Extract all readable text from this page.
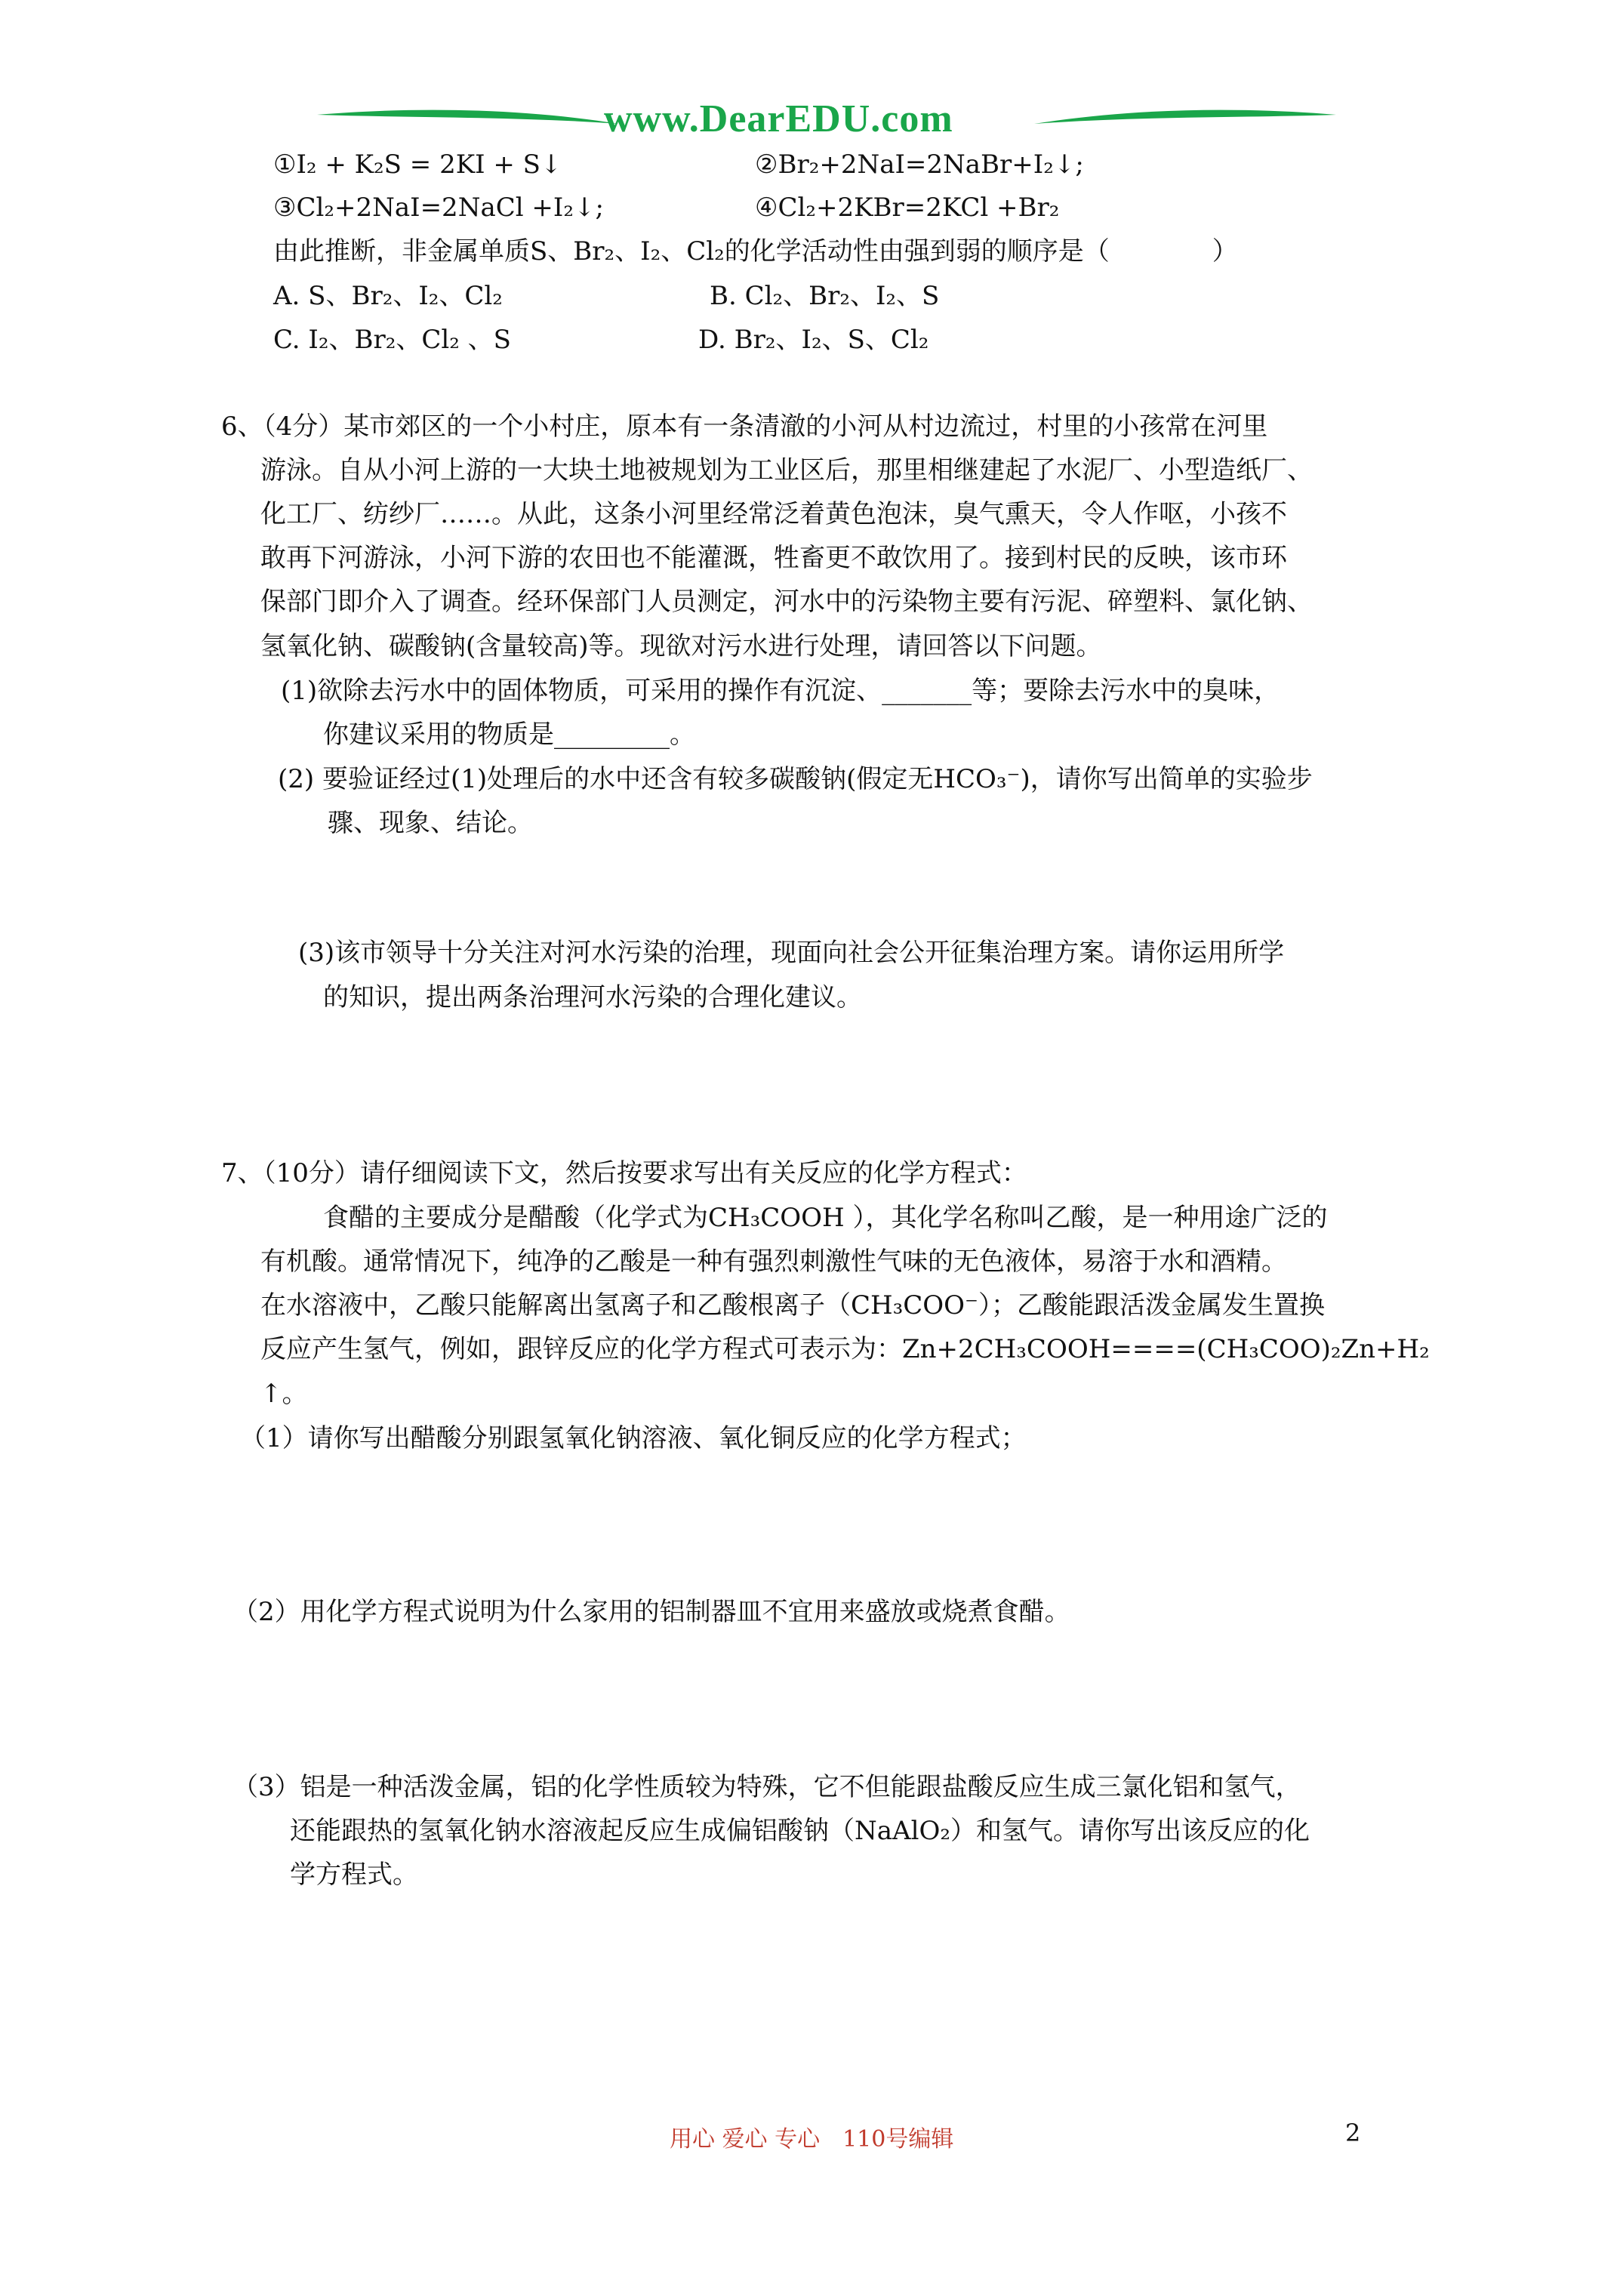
www.DearEDU.com
①I₂ + K₂S = 2KI + S↓	②Br₂+2NaI=2NaBr+I₂↓;
③Cl₂+2NaI=2NaCl +I₂↓;	④Cl₂+2KBr=2KCl +Br₂
由此推断，非金属单质S、Br₂、I₂、Cl₂的化学活动性由强到弱的顺序是（　　　　）
A. S、Br₂、I₂、Cl₂	B. Cl₂、Br₂、I₂、S
C. I₂、Br₂、Cl₂ 、S	D. Br₂、I₂、S、Cl₂
6、（4分）某市郊区的一个小村庄，原本有一条清澈的小河从村边流过，村里的小孩常在河里
游泳。自从小河上游的一大块土地被规划为工业区后，那里相继建起了水泥厂、小型造纸厂、
化工厂、纺纱厂……。从此，这条小河里经常泛着黄色泡沫，臭气熏天，令人作呕，小孩不
敢再下河游泳，小河下游的农田也不能灌溉，牲畜更不敢饮用了。接到村民的反映，该市环
保部门即介入了调查。经环保部门人员测定，河水中的污染物主要有污泥、碎塑料、氯化钠、
氢氧化钠、碳酸钠(含量较高)等。现欲对污水进行处理，请回答以下问题。
(1)欲除去污水中的固体物质，可采用的操作有沉淀、_______等；要除去污水中的臭味，
你建议采用的物质是_________。
(2) 要验证经过(1)处理后的水中还含有较多碳酸钠(假定无HCO₃⁻)，请你写出简单的实验步
骤、现象、结论。
(3)该市领导十分关注对河水污染的治理，现面向社会公开征集治理方案。请你运用所学
的知识，提出两条治理河水污染的合理化建议。
7、（10分）请仔细阅读下文，然后按要求写出有关反应的化学方程式：
食醋的主要成分是醋酸（化学式为CH₃COOH ），其化学名称叫乙酸，是一种用途广泛的
有机酸。通常情况下，纯净的乙酸是一种有强烈刺激性气味的无色液体，易溶于水和酒精。
在水溶液中，乙酸只能解离出氢离子和乙酸根离子（CH₃COO⁻）；乙酸能跟活泼金属发生置换
反应产生氢气，例如，跟锌反应的化学方程式可表示为：Zn+2CH₃COOH====(CH₃COO)₂Zn+H₂
↑。
（1）请你写出醋酸分别跟氢氧化钠溶液、氧化铜反应的化学方程式；
（2）用化学方程式说明为什么家用的铝制器皿不宜用来盛放或烧煮食醋。
（3）铝是一种活泼金属，铝的化学性质较为特殊，它不但能跟盐酸反应生成三氯化铝和氢气，
还能跟热的氢氧化钠水溶液起反应生成偏铝酸钠（NaAlO₂）和氢气。请你写出该反应的化
学方程式。
用心 爱心 专心　110号编辑	2
